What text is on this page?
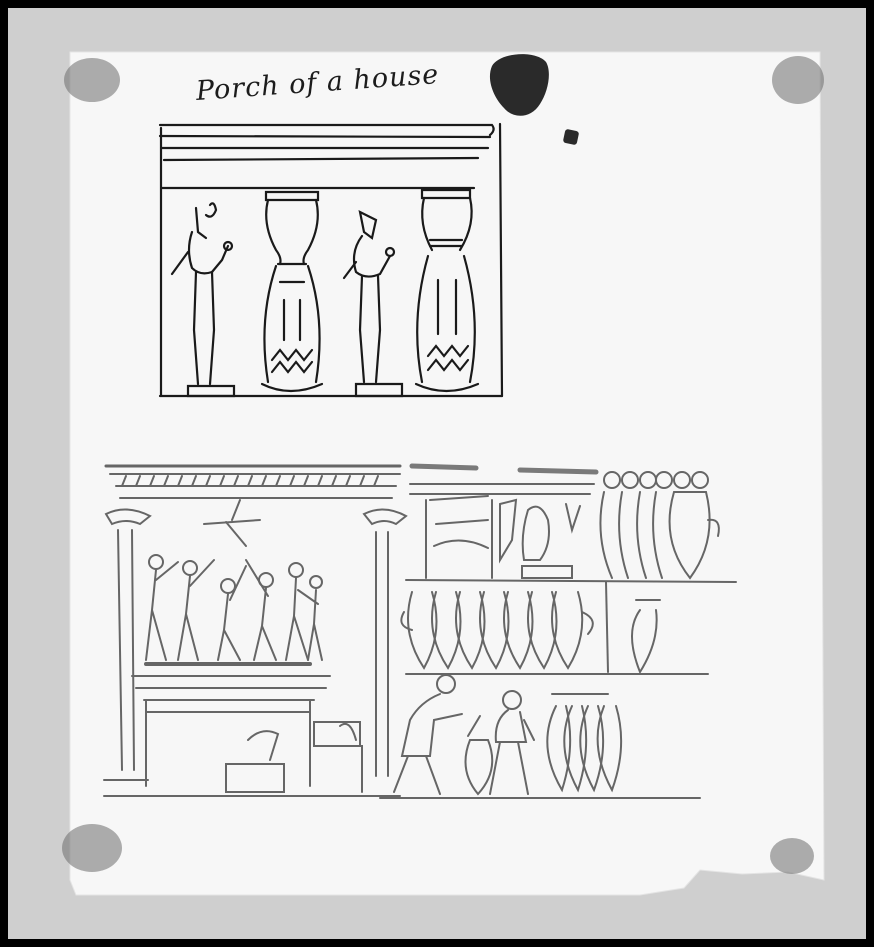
Porch of a house
